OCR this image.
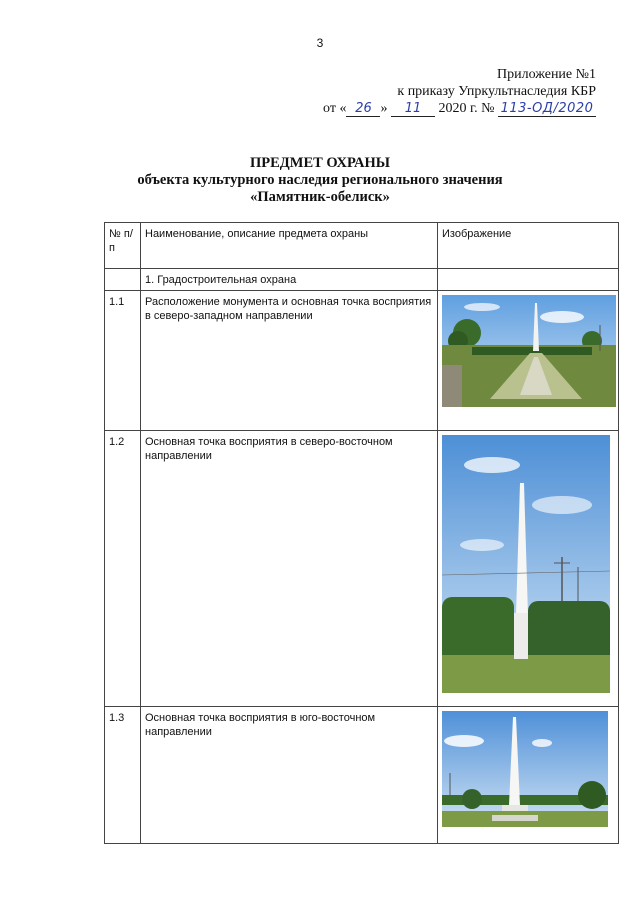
3
Приложение №1
к приказу Упркультнаследия КБР
от « 26 » 11 2020 г. № 113-ОД/2020
ПРЕДМЕТ ОХРАНЫ
объекта культурного наследия регионального значения
«Памятник-обелиск»
№ п/п	Наименование, описание предмета охраны	Изображение
	1. Градостроительная охрана	
1.1	Расположение монумента и основная точка восприятия в северо-западном направлении	

1.2	Основная точка восприятия в северо-восточном направлении	

1.3	Основная точка восприятия в юго-восточном направлении	
